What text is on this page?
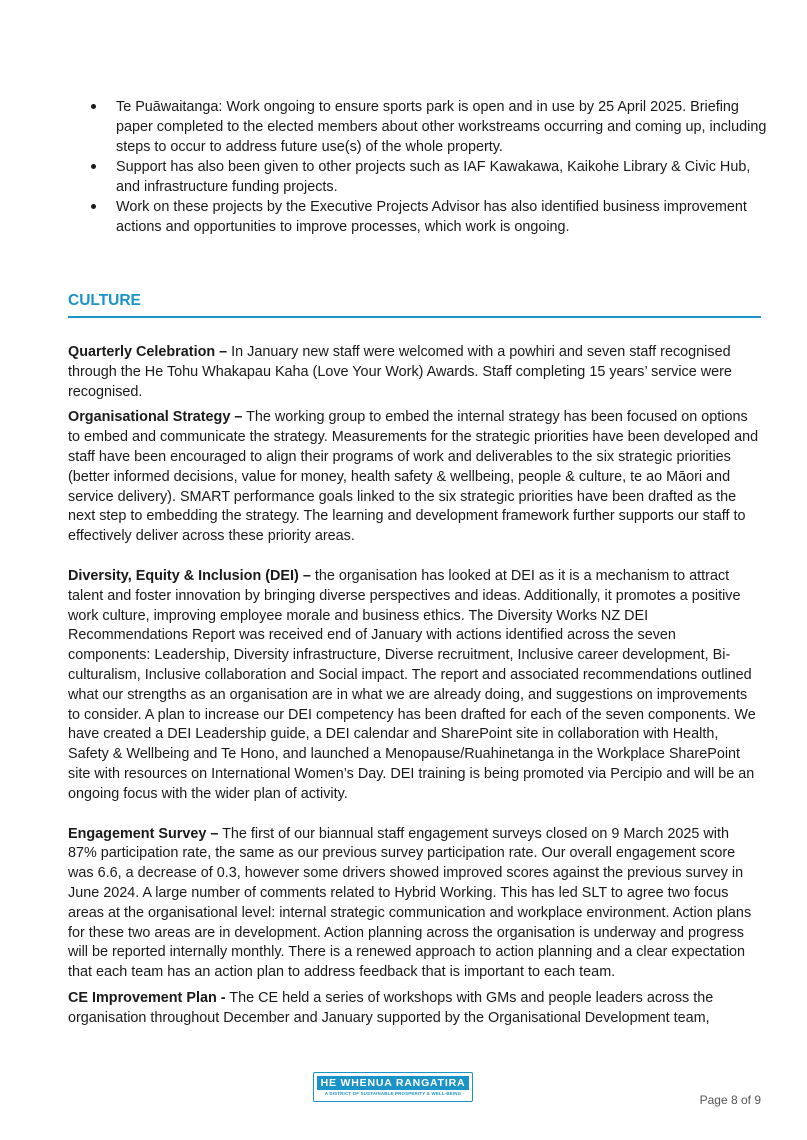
Te Puāwaitanga: Work ongoing to ensure sports park is open and in use by 25 April 2025. Briefing paper completed to the elected members about other workstreams occurring and coming up, including steps to occur to address future use(s) of the whole property.
Support has also been given to other projects such as IAF Kawakawa, Kaikohe Library & Civic Hub, and infrastructure funding projects.
Work on these projects by the Executive Projects Advisor has also identified business improvement actions and opportunities to improve processes, which work is ongoing.
CULTURE

Quarterly Celebration – In January new staff were welcomed with a powhiri and seven staff recognised through the He Tohu Whakapau Kaha (Love Your Work) Awards. Staff completing 15 years’ service were recognised.

Organisational Strategy – The working group to embed the internal strategy has been focused on options to embed and communicate the strategy. Measurements for the strategic priorities have been developed and staff have been encouraged to align their programs of work and deliverables to the six strategic priorities (better informed decisions, value for money, health safety & wellbeing, people & culture, te ao Māori and service delivery). SMART performance goals linked to the six strategic priorities have been drafted as the next step to embedding the strategy. The learning and development framework further supports our staff to effectively deliver across these priority areas.

Diversity, Equity & Inclusion (DEI) – the organisation has looked at DEI as it is a mechanism to attract talent and foster innovation by bringing diverse perspectives and ideas. Additionally, it promotes a positive work culture, improving employee morale and business ethics. The Diversity Works NZ DEI Recommendations Report was received end of January with actions identified across the seven components: Leadership, Diversity infrastructure, Diverse recruitment, Inclusive career development, Bi-culturalism, Inclusive collaboration and Social impact. The report and associated recommendations outlined what our strengths as an organisation are in what we are already doing, and suggestions on improvements to consider. A plan to increase our DEI competency has been drafted for each of the seven components. We have created a DEI Leadership guide, a DEI calendar and SharePoint site in collaboration with Health, Safety & Wellbeing and Te Hono, and launched a Menopause/Ruahinetanga in the Workplace SharePoint site with resources on International Women’s Day. DEI training is being promoted via Percipio and will be an ongoing focus with the wider plan of activity.

Engagement Survey – The first of our biannual staff engagement surveys closed on 9 March 2025 with 87% participation rate, the same as our previous survey participation rate. Our overall engagement score was 6.6, a decrease of 0.3, however some drivers showed improved scores against the previous survey in June 2024. A large number of comments related to Hybrid Working. This has led SLT to agree two focus areas at the organisational level: internal strategic communication and workplace environment. Action plans for these two areas are in development. Action planning across the organisation is underway and progress will be reported internally monthly. There is a renewed approach to action planning and a clear expectation that each team has an action plan to address feedback that is important to each team.

CE Improvement Plan - The CE held a series of workshops with GMs and people leaders across the organisation throughout December and January supported by the Organisational Development team,

HE WHENUA RANGATIRA
A DISTRICT OF SUSTAINABLE PROSPERITY & WELL-BEING	Page 8 of 9
